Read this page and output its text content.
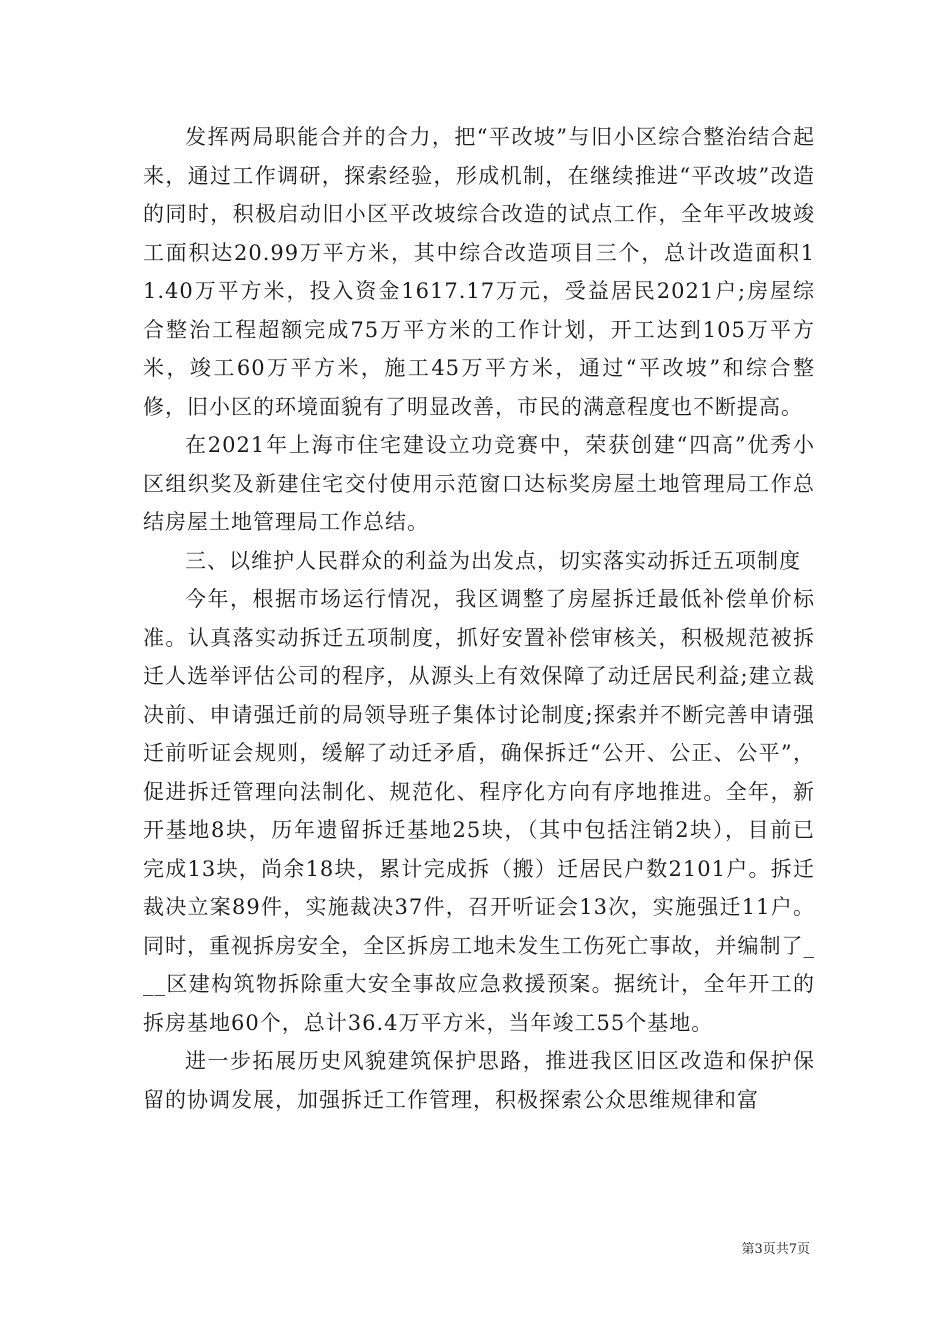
发挥两局职能合并的合力，把“平改坡”与旧小区综合整治结合起来，通过工作调研，探索经验，形成机制，在继续推进“平改坡”改造的同时，积极启动旧小区平改坡综合改造的试点工作，全年平改坡竣工面积达20.99万平方米，其中综合改造项目三个，总计改造面积11.40万平方米，投入资金1617.17万元，受益居民2021户;房屋综合整治工程超额完成75万平方米的工作计划，开工达到105万平方米，竣工60万平方米，施工45万平方米，通过“平改坡”和综合整修，旧小区的环境面貌有了明显改善，市民的满意程度也不断提高。

在2021年上海市住宅建设立功竞赛中，荣获创建“四高”优秀小区组织奖及新建住宅交付使用示范窗口达标奖房屋土地管理局工作总结房屋土地管理局工作总结。

三、以维护人民群众的利益为出发点，切实落实动拆迁五项制度

今年，根据市场运行情况，我区调整了房屋拆迁最低补偿单价标准。认真落实动拆迁五项制度，抓好安置补偿审核关，积极规范被拆迁人选举评估公司的程序，从源头上有效保障了动迁居民利益;建立裁决前、申请强迁前的局领导班子集体讨论制度;探索并不断完善申请强迁前听证会规则，缓解了动迁矛盾，确保拆迁“公开、公正、公平”，促进拆迁管理向法制化、规范化、程序化方向有序地推进。全年，新开基地8块，历年遗留拆迁基地25块，（其中包括注销2块），目前已完成13块，尚余18块，累计完成拆（搬）迁居民户数2101户。拆迁裁决立案89件，实施裁决37件，召开听证会13次，实施强迁11户。同时，重视拆房安全，全区拆房工地未发生工伤死亡事故，并编制了___区建构筑物拆除重大安全事故应急救援预案。据统计，全年开工的拆房基地60个，总计36.4万平方米，当年竣工55个基地。

进一步拓展历史风貌建筑保护思路，推进我区旧区改造和保护保留的协调发展，加强拆迁工作管理，积极探索公众思维规律和富

第3页共7页
